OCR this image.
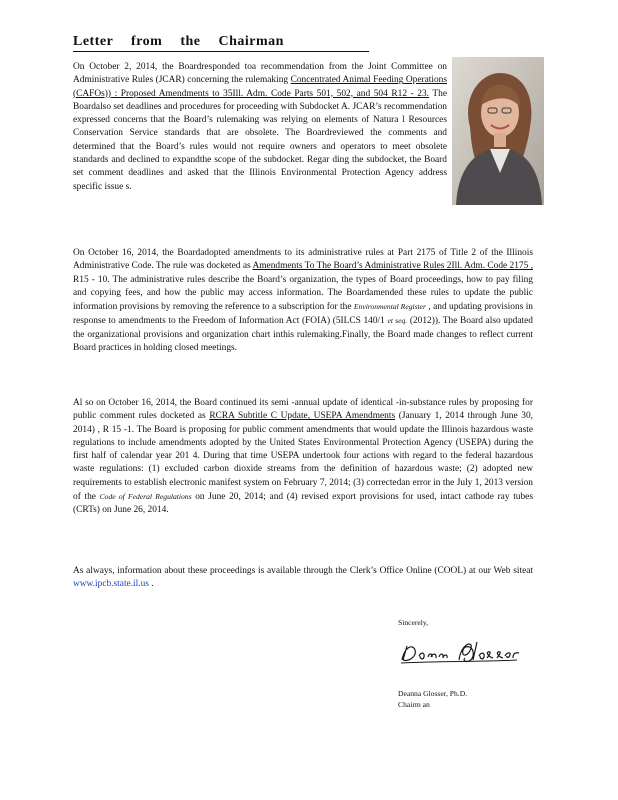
Letter from the Chairman

On October 2, 2014, the Boardresponded toa recommendation from the Joint Committee on Administrative Rules (JCAR) concerning the rulemaking Concentrated Animal Feeding Operations (CAFOs)) : Proposed Amendments to 35Ill. Adm. Code Parts 501, 502, and 504 R12 - 23. The Boardalso set deadlines and procedures for proceeding with Subdocket A. JCAR’s recommendation expressed concerns that the Board’s rulemaking was relying on elements of Natura l Resources Conservation Service standards that are obsolete. The Boardreviewed the comments and determined that the Board’s rules would not require owners and operators to meet obsolete standards and declined to expandthe scope of the subdocket. Regar ding the subdocket, the Board set comment deadlines and asked that the Illinois Environmental Protection Agency address specific issue s.

On October 16, 2014, the Boardadopted amendments to its administrative rules at Part 2175 of Title 2 of the Illinois Administrative Code. The rule was docketed as Amendments To The Board’s Administrative Rules 2Ill. Adm. Code 2175 , R15 - 10. The administrative rules describe the Board’s organization, the types of Board proceedings, how to pay filing and copying fees, and how the public may access information. The Boardamended these rules to update the public information provisions by removing the reference to a subscription for the Environmental Register , and updating provisions in response to amendments to the Freedom of Information Act (FOIA) (5ILCS 140/1 et seq. (2012)). The Board also updated the organizational provisions and organization chart inthis rulemaking.Finally, the Board made changes to reflect current Board practices in holding closed meetings.

Al so on October 16, 2014, the Board continued its semi -annual update of identical -in-substance rules by proposing for public comment rules docketed as RCRA Subtitle C Update, USEPA Amendments (January 1, 2014 through June 30, 2014) , R 15 -1. The Board is proposing for public comment amendments that would update the Illinois hazardous waste regulations to include amendments adopted by the United States Environmental Protection Agency (USEPA) during the first half of calendar year 201 4. During that time USEPA undertook four actions with regard to the federal hazardous waste regulations: (1) excluded carbon dioxide streams from the definition of hazardous waste; (2) adopted new requirements to establish electronic manifest system on February 7, 2014; (3) correctedan error in the July 1, 2013 version of the Code of Federal Regulations on June 20, 2014; and (4) revised export provisions for used, intact cathode ray tubes (CRTs) on June 26, 2014.

As always, information about these proceedings is available through the Clerk’s Office Online (COOL) at our Web siteat www.ipcb.state.il.us .

Sincerely,
Deanna Glosser, Ph.D.
Chairm an
